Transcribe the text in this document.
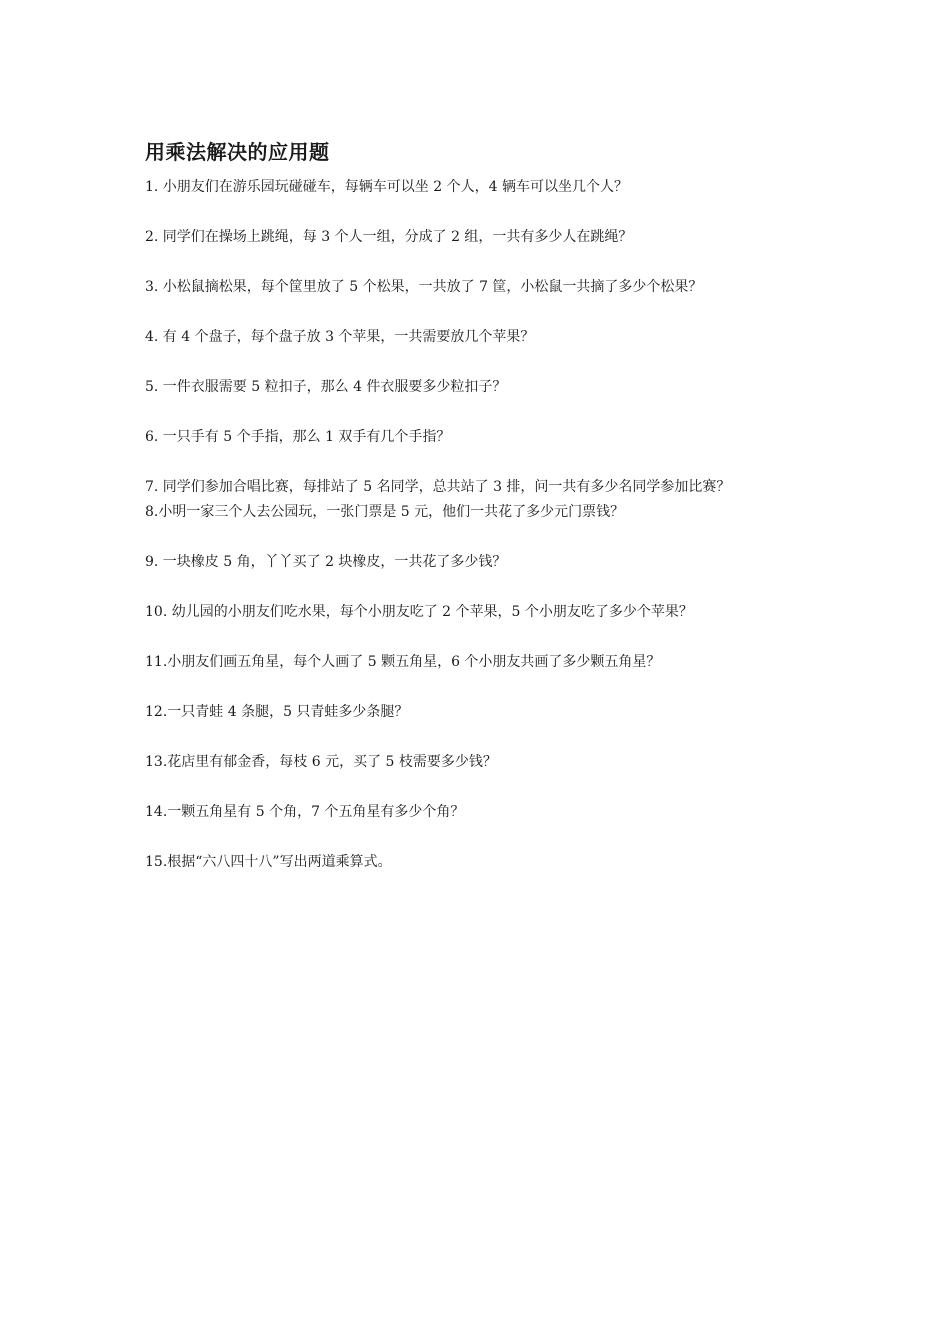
用乘法解决的应用题
1. 小朋友们在游乐园玩碰碰车，每辆车可以坐 2 个人，4 辆车可以坐几个人？
2. 同学们在操场上跳绳，每 3 个人一组，分成了 2 组，一共有多少人在跳绳？
3. 小松鼠摘松果，每个筐里放了 5 个松果，一共放了 7 筐，小松鼠一共摘了多少个松果？
4. 有 4 个盘子，每个盘子放 3 个苹果，一共需要放几个苹果？
5. 一件衣服需要 5 粒扣子，那么 4 件衣服要多少粒扣子？
6. 一只手有 5 个手指，那么 1 双手有几个手指？
7. 同学们参加合唱比赛，每排站了 5 名同学，总共站了 3 排，问一共有多少名同学参加比赛？
8.小明一家三个人去公园玩，一张门票是 5 元，他们一共花了多少元门票钱？
9. 一块橡皮 5 角，丫丫买了 2 块橡皮，一共花了多少钱？
10. 幼儿园的小朋友们吃水果，每个小朋友吃了 2 个苹果，5 个小朋友吃了多少个苹果？
11.小朋友们画五角星，每个人画了 5 颗五角星，6 个小朋友共画了多少颗五角星？
12.一只青蛙 4 条腿，5 只青蛙多少条腿？
13.花店里有郁金香，每枝 6 元，买了 5 枝需要多少钱？
14.一颗五角星有 5 个角，7 个五角星有多少个角？
15.根据“六八四十八”写出两道乘算式。
